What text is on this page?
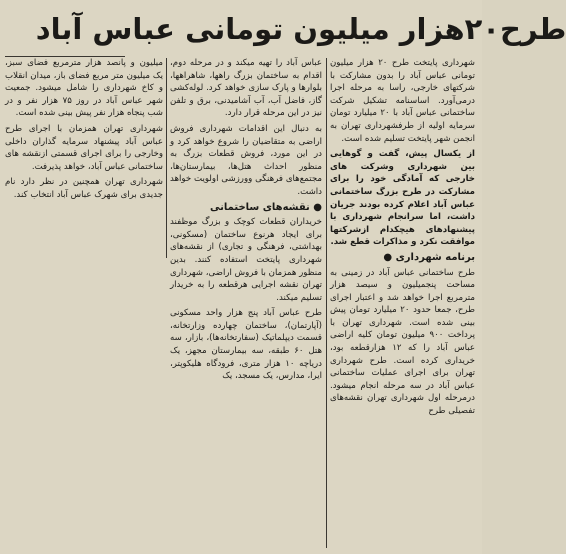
طرح۲۰هزار میلیون تومانی عباس آباد

شهرداری پایتخت طرح ۲۰ هزار میلیون تومانی عباس آباد را بدون مشارکت با شرکتهای خارجی، راسا به مرحله اجرا درمی‌آورد. اساسنامه تشکیل شرکت ساختمانی عباس آباد با ۲۰ میلیارد تومان سرمایه اولیه از طرفشهرداری تهران به انجمن شهر پایتخت تسلیم شده است.

از یکسال پیش، گفت و گوهایی بین شهرداری وشرکت های خارجی که آمادگی خود را برای مشارکت در طرح بزرگ ساختمانی عباس آباد اعلام کرده بودند جریان داشت، اما سرانجام شهرداری با پیشنهادهای هیچکدام ازشرکتها موافقت نکرد و مذاکرات قطع شد.

برنامه شهرداری ●

طرح ساختمانی عباس آباد در زمینی به مساحت پنجمیلیون و سیصد هزار مترمربع اجرا خواهد شد و اعتبار اجرای طرح، جمعا حدود ۲۰ میلیارد تومان پیش بینی شده است. شهرداری تهران با پرداخت ۹۰۰ میلیون تومان کلیه اراضی عباس آباد را که ۱۲ هزارقطعه بود، خریداری کرده است. طرح شهرداری تهران برای اجرای عملیات ساختمانی عباس آباد در سه مرحله انجام میشود. درمرحله اول شهرداری تهران نقشه‌های تفصیلی طرح

عباس آباد را تهیه میکند و در مرحله دوم، اقدام به ساختمان بزرگ راهها، شاهراهها، بلوارها و پارک سازی خواهد کرد. لوله‌کشی گاز، فاضل آب، آب آشامیدنی، برق و تلفن نیز در این مرحله قرار دارد.

به دنبال این اقدامات شهرداری فروش اراضی به متقاضیان را شروع خواهد کرد و در این مورد، فروش قطعات بزرگ به منظور احداث هتل‌ها، بیمارستان‌ها، مجتمع‌های فرهنگی وورزشی اولویت خواهد داشت.

● نقشه‌های ساختمانی

خریداران قطعات کوچک و بزرگ موظفند برای ایجاد هرنوع ساختمان (مسکونی، بهداشتی، فرهنگی و تجاری) از نقشه‌های شهرداری پایتخت استفاده کنند. بدین منظور همزمان با فروش اراضی، شهرداری تهران نقشه اجرایی هرقطعه را به خریدار تسلیم میکند.

طرح عباس آباد پنج هزار واحد مسکونی (آپارتمان)، ساختمان چهارده وزارتخانه، قسمت دیپلماتیک (سفارتخانه‌ها)، بازار، سه هتل ۶۰ طبقه، سه بیمارستان مجهز، یک دریاچه ۱۰ هزار متری، فرودگاه هلیکوپتر، ایرا، مدارس، یک مسجد، یک

میلیون و پانصد هزار مترمربع فضای سبز، یک میلیون متر مربع فضای باز، میدان انقلاب و کاخ شهرداری را شامل میشود. جمعیت شهر عباس آباد در روز ۷۵ هزار نفر و در شب پنجاه هزار نفر پیش بینی شده است.

شهرداری تهران همزمان با اجرای طرح عباس آباد پیشنهاد سرمایه گذاران داخلی وخارجی را برای اجرای قسمتی ازنقشه های ساختمانی عباس آباد، خواهد پذیرفت.

شهرداری تهران همچنین در نظر دارد نام جدیدی برای شهرک عباس آباد انتخاب کند.
